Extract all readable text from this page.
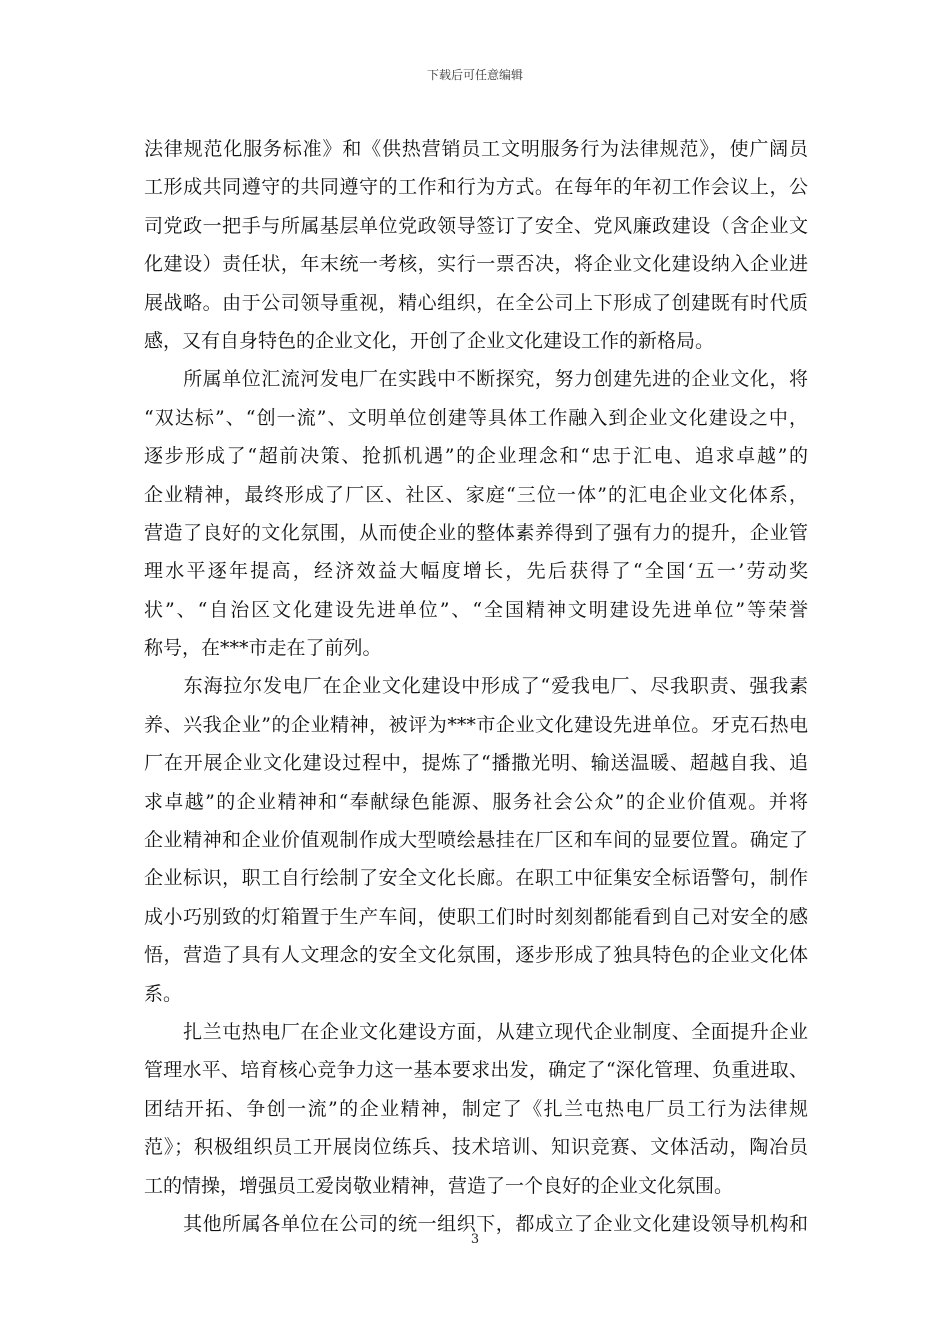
下载后可任意编辑
法律规范化服务标准》和《供热营销员工文明服务行为法律规范》，使广阔员
工形成共同遵守的共同遵守的工作和行为方式。在每年的年初工作会议上，公
司党政一把手与所属基层单位党政领导签订了安全、党风廉政建设（含企业文
化建设）责任状，年末统一考核，实行一票否决，将企业文化建设纳入企业进
展战略。由于公司领导重视，精心组织，在全公司上下形成了创建既有时代质
感，又有自身特色的企业文化，开创了企业文化建设工作的新格局。
　　所属单位汇流河发电厂在实践中不断探究，努力创建先进的企业文化，将
“双达标”、“创一流”、文明单位创建等具体工作融入到企业文化建设之中，
逐步形成了“超前决策、抢抓机遇”的企业理念和“忠于汇电、追求卓越”的
企业精神，最终形成了厂区、社区、家庭“三位一体”的汇电企业文化体系，
营造了良好的文化氛围，从而使企业的整体素养得到了强有力的提升，企业管
理水平逐年提高，经济效益大幅度增长，先后获得了“全国‘五一’劳动奖
状”、“自治区文化建设先进单位”、“全国精神文明建设先进单位”等荣誉
称号，在***市走在了前列。
　　东海拉尔发电厂在企业文化建设中形成了“爱我电厂、尽我职责、强我素
养、兴我企业”的企业精神，被评为***市企业文化建设先进单位。牙克石热电
厂在开展企业文化建设过程中，提炼了“播撒光明、输送温暖、超越自我、追
求卓越”的企业精神和“奉献绿色能源、服务社会公众”的企业价值观。并将
企业精神和企业价值观制作成大型喷绘悬挂在厂区和车间的显要位置。确定了
企业标识，职工自行绘制了安全文化长廊。在职工中征集安全标语警句，制作
成小巧别致的灯箱置于生产车间，使职工们时时刻刻都能看到自己对安全的感
悟，营造了具有人文理念的安全文化氛围，逐步形成了独具特色的企业文化体
系。
　　扎兰屯热电厂在企业文化建设方面，从建立现代企业制度、全面提升企业
管理水平、培育核心竞争力这一基本要求出发，确定了“深化管理、负重进取、
团结开拓、争创一流”的企业精神，制定了《扎兰屯热电厂员工行为法律规
范》；积极组织员工开展岗位练兵、技术培训、知识竞赛、文体活动，陶冶员
工的情操，增强员工爱岗敬业精神，营造了一个良好的企业文化氛围。
　　其他所属各单位在公司的统一组织下，都成立了企业文化建设领导机构和
3
